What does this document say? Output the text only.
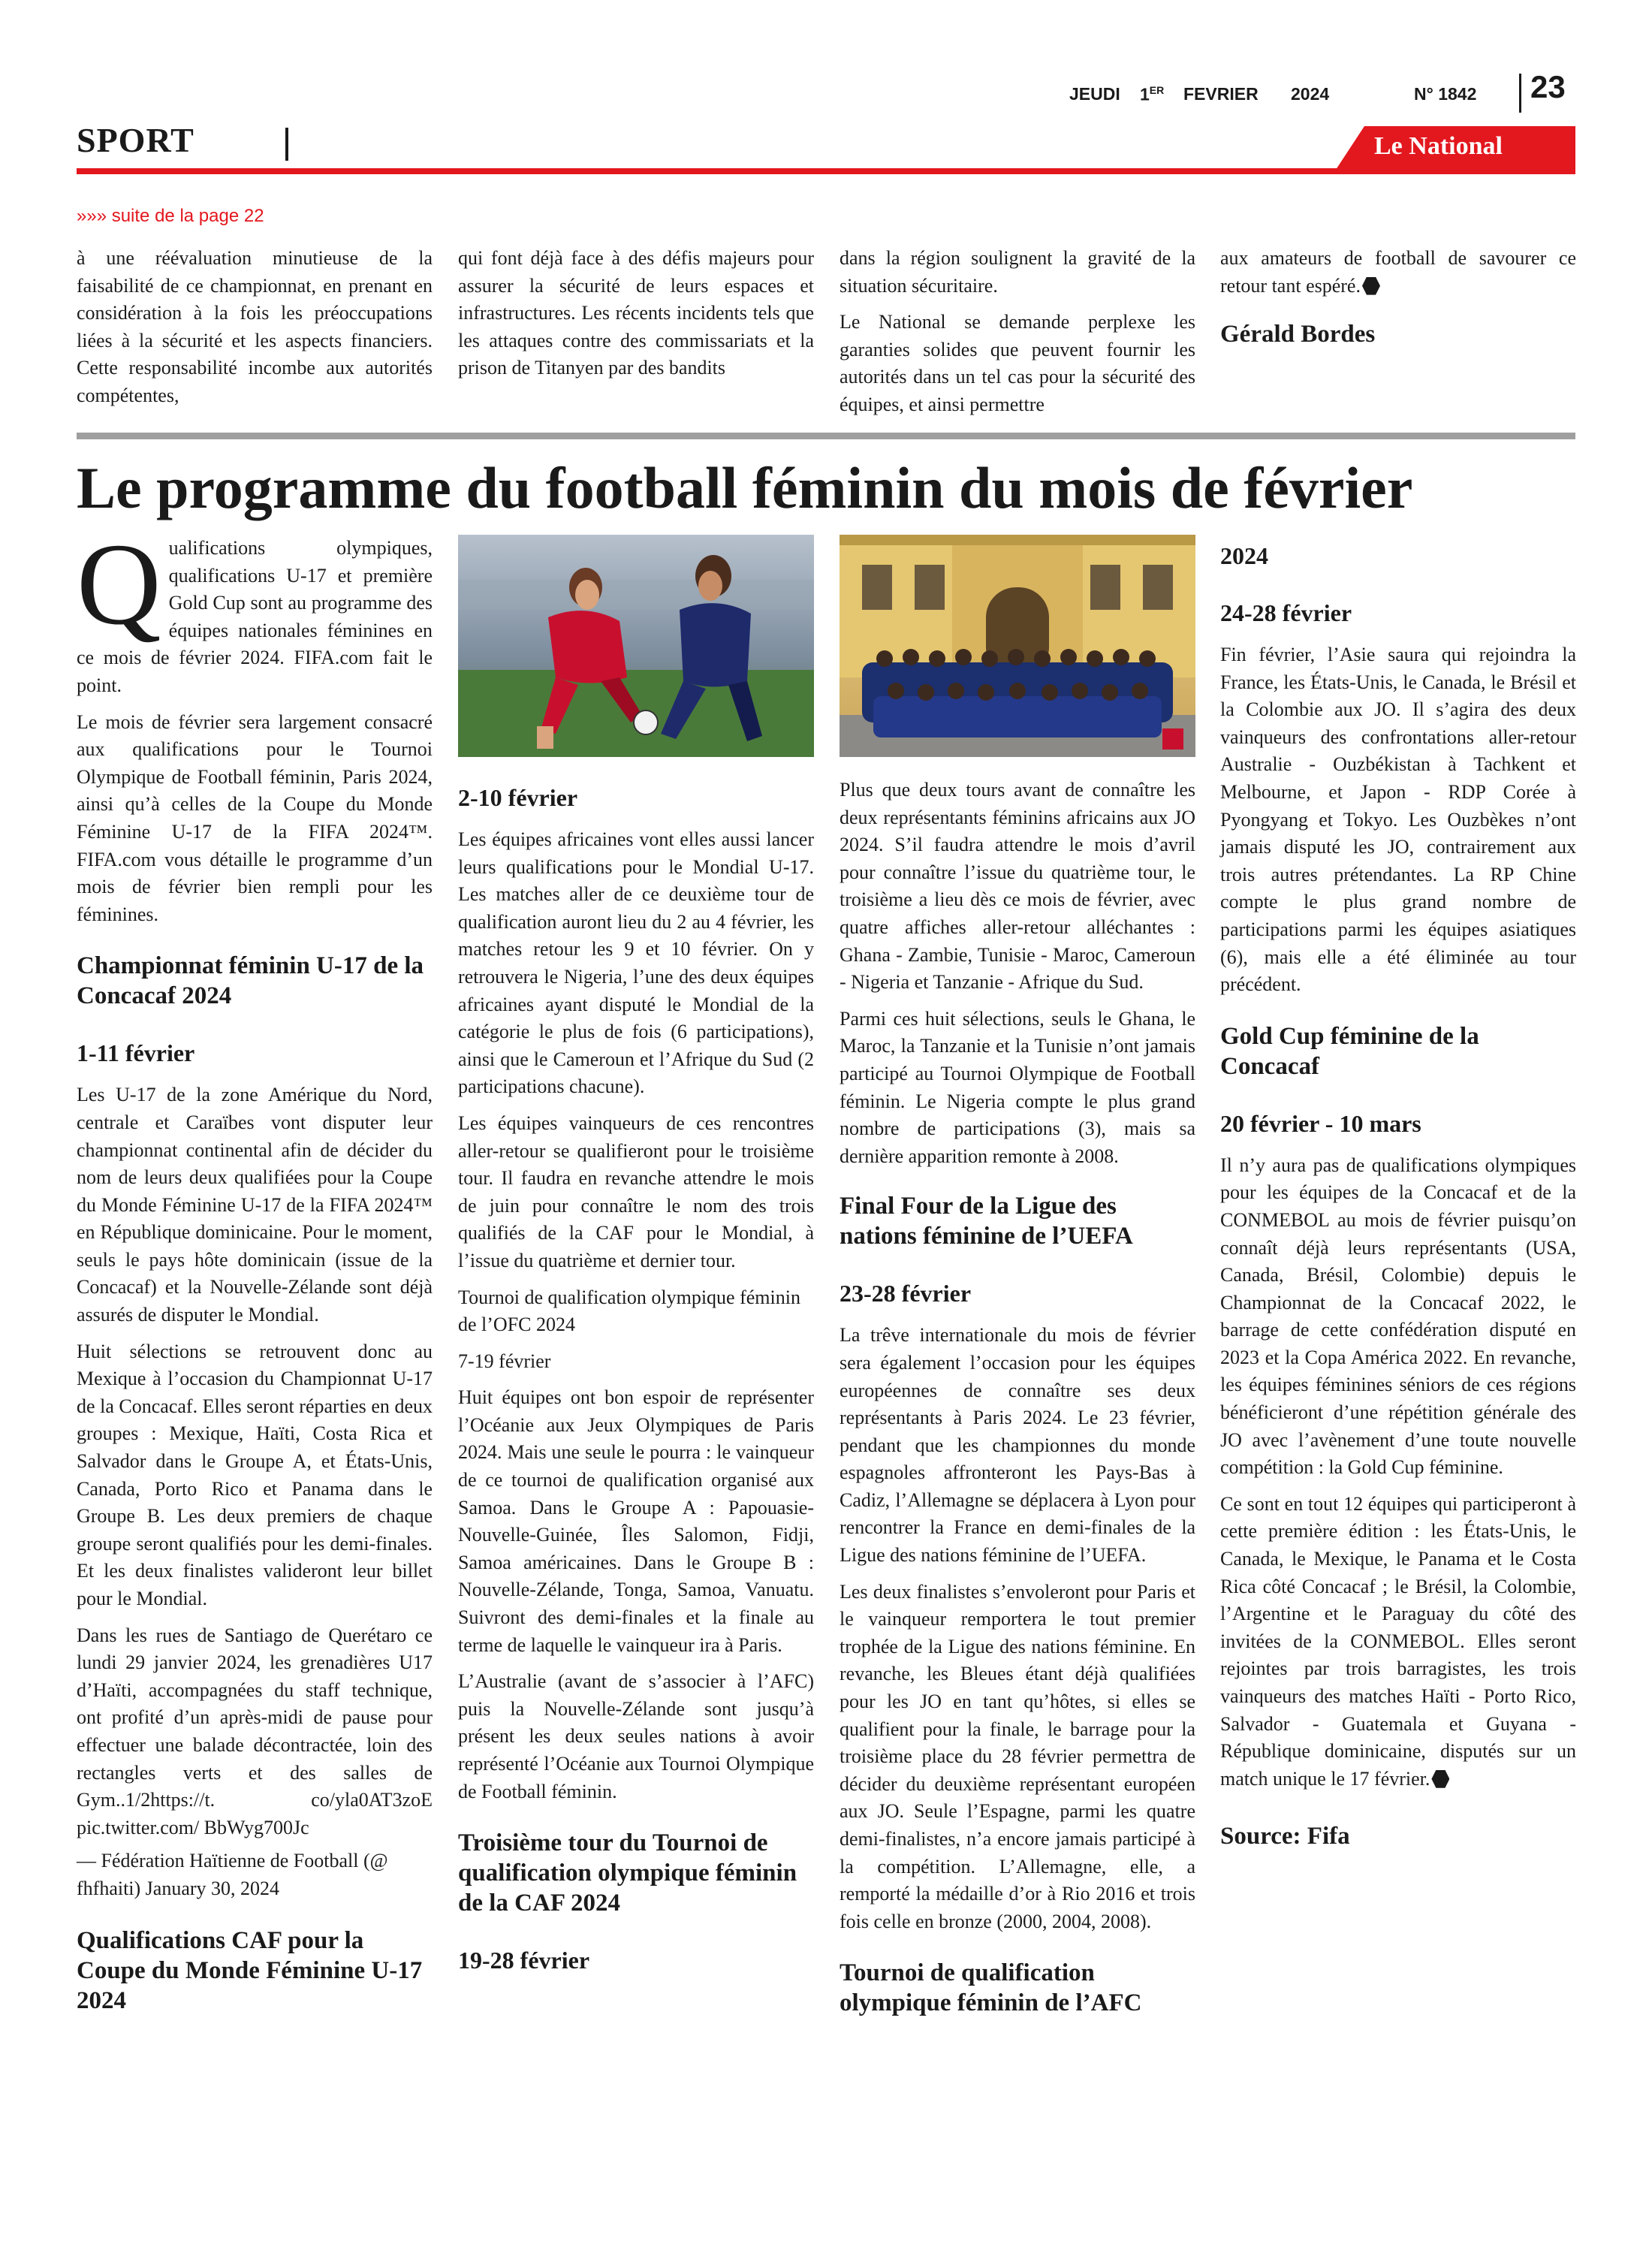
JEUDI 1ER FEVRIER 2024	N° 1842 23
SPORT	Le National
»»» suite de la page 22

à une réévaluation minutieuse de la faisabilité de ce championnat, en prenant en considération à la fois les préoccupations liées à la sécurité et les aspects financiers. Cette responsabilité incombe aux autorités compétentes,

qui font déjà face à des défis majeurs pour assurer la sécurité de leurs espaces et infrastructures. Les récents incidents tels que les attaques contre des commissariats et la prison de Titanyen par des bandits

dans la région soulignent la gravité de la situation sécuritaire.

Le National se demande perplexe les garanties solides que peuvent fournir les autorités dans un tel cas pour la sécurité des équipes, et ainsi permettre

aux amateurs de football de savourer ce retour tant espéré.

Gérald Bordes
Le programme du football féminin du mois de février

Qualifications olympiques, qualifications U-17 et première Gold Cup sont au programme des équipes nationales féminines en ce mois de février 2024. FIFA.com fait le point.

Le mois de février sera largement consacré aux qualifications pour le Tournoi Olympique de Football féminin, Paris 2024, ainsi qu’à celles de la Coupe du Monde Féminine U-17 de la FIFA 2024™. FIFA.com vous détaille le programme d’un mois de février bien rempli pour les féminines.

Championnat féminin U-17 de la Concacaf 2024
1-11 février

Les U-17 de la zone Amérique du Nord, centrale et Caraïbes vont disputer leur championnat continental afin de décider du nom de leurs deux qualifiées pour la Coupe du Monde Féminine U-17 de la FIFA 2024™ en République dominicaine. Pour le moment, seuls le pays hôte dominicain (issue de la Concacaf) et la Nouvelle-Zélande sont déjà assurés de disputer le Mondial.

Huit sélections se retrouvent donc au Mexique à l’occasion du Championnat U-17 de la Concacaf. Elles seront réparties en deux groupes : Mexique, Haïti, Costa Rica et Salvador dans le Groupe A, et États-Unis, Canada, Porto Rico et Panama dans le Groupe B. Les deux premiers de chaque groupe seront qualifiés pour les demi-finales. Et les deux finalistes valideront leur billet pour le Mondial.

Dans les rues de Santiago de Querétaro ce lundi 29 janvier 2024, les grenadières U17 d’Haïti, accompagnées du staff technique, ont profité d’un après-midi de pause pour effectuer une balade décontractée, loin des rectangles verts et des salles de Gym..1/2https://t. co/yla0AT3zoE pic.twitter.com/ BbWyg700Jc

— Fédération Haïtienne de Football (@ fhfhaiti) January 30, 2024

Qualifications CAF pour la Coupe du Monde Féminine U-17 2024
2-10 février

Les équipes africaines vont elles aussi lancer leurs qualifications pour le Mondial U-17. Les matches aller de ce deuxième tour de qualification auront lieu du 2 au 4 février, les matches retour les 9 et 10 février. On y retrouvera le Nigeria, l’une des deux équipes africaines ayant disputé le Mondial de la catégorie le plus de fois (6 participations), ainsi que le Cameroun et l’Afrique du Sud (2 participations chacune).

Les équipes vainqueurs de ces rencontres aller-retour se qualifieront pour le troisième tour. Il faudra en revanche attendre le mois de juin pour connaître le nom des trois qualifiés de la CAF pour le Mondial, à l’issue du quatrième et dernier tour.

Tournoi de qualification olympique féminin de l’OFC 2024

7-19 février

Huit équipes ont bon espoir de représenter l’Océanie aux Jeux Olympiques de Paris 2024. Mais une seule le pourra : le vainqueur de ce tournoi de qualification organisé aux Samoa. Dans le Groupe A : Papouasie-Nouvelle-Guinée, Îles Salomon, Fidji, Samoa américaines. Dans le Groupe B : Nouvelle-Zélande, Tonga, Samoa, Vanuatu. Suivront des demi-finales et la finale au terme de laquelle le vainqueur ira à Paris.

L’Australie (avant de s’associer à l’AFC) puis la Nouvelle-Zélande sont jusqu’à présent les deux seules nations à avoir représenté l’Océanie aux Tournoi Olympique de Football féminin.

Troisième tour du Tournoi de qualification olympique féminin de la CAF 2024
19-28 février

Plus que deux tours avant de connaître les deux représentants féminins africains aux JO 2024. S’il faudra attendre le mois d’avril pour connaître l’issue du quatrième tour, le troisième a lieu dès ce mois de février, avec quatre affiches aller-retour alléchantes : Ghana - Zambie, Tunisie - Maroc, Cameroun - Nigeria et Tanzanie - Afrique du Sud.

Parmi ces huit sélections, seuls le Ghana, le Maroc, la Tanzanie et la Tunisie n’ont jamais participé au Tournoi Olympique de Football féminin. Le Nigeria compte le plus grand nombre de participations (3), mais sa dernière apparition remonte à 2008.

Final Four de la Ligue des nations féminine de l’UEFA
23-28 février

La trêve internationale du mois de février sera également l’occasion pour les équipes européennes de connaître ses deux représentants à Paris 2024. Le 23 février, pendant que les championnes du monde espagnoles affronteront les Pays-Bas à Cadiz, l’Allemagne se déplacera à Lyon pour rencontrer la France en demi-finales de la Ligue des nations féminine de l’UEFA.

Les deux finalistes s’envoleront pour Paris et le vainqueur remportera le tout premier trophée de la Ligue des nations féminine. En revanche, les Bleues étant déjà qualifiées pour les JO en tant qu’hôtes, si elles se qualifient pour la finale, le barrage pour la troisième place du 28 février permettra de décider du deuxième représentant européen aux JO. Seule l’Espagne, parmi les quatre demi-finalistes, n’a encore jamais participé à la compétition. L’Allemagne, elle, a remporté la médaille d’or à Rio 2016 et trois fois celle en bronze (2000, 2004, 2008).

Tournoi de qualification olympique féminin de l’AFC
2024
24-28 février

Fin février, l’Asie saura qui rejoindra la France, les États-Unis, le Canada, le Brésil et la Colombie aux JO. Il s’agira des deux vainqueurs des confrontations aller-retour Australie - Ouzbékistan à Tachkent et Melbourne, et Japon - RDP Corée à Pyongyang et Tokyo. Les Ouzbèkes n’ont jamais disputé les JO, contrairement aux trois autres prétendantes. La RP Chine compte le plus grand nombre de participations parmi les équipes asiatiques (6), mais elle a été éliminée au tour précédent.

Gold Cup féminine de la Concacaf
20 février - 10 mars

Il n’y aura pas de qualifications olympiques pour les équipes de la Concacaf et de la CONMEBOL au mois de février puisqu’on connaît déjà leurs représentants (USA, Canada, Brésil, Colombie) depuis le Championnat de la Concacaf 2022, le barrage de cette confédération disputé en 2023 et la Copa América 2022. En revanche, les équipes féminines séniors de ces régions bénéficieront d’une répétition générale des JO avec l’avènement d’une toute nouvelle compétition : la Gold Cup féminine.

Ce sont en tout 12 équipes qui participeront à cette première édition : les États-Unis, le Canada, le Mexique, le Panama et le Costa Rica côté Concacaf ; le Brésil, la Colombie, l’Argentine et le Paraguay du côté des invitées de la CONMEBOL. Elles seront rejointes par trois barragistes, les trois vainqueurs des matches Haïti - Porto Rico, Salvador - Guatemala et Guyana - République dominicaine, disputés sur un match unique le 17 février.

Source: Fifa
